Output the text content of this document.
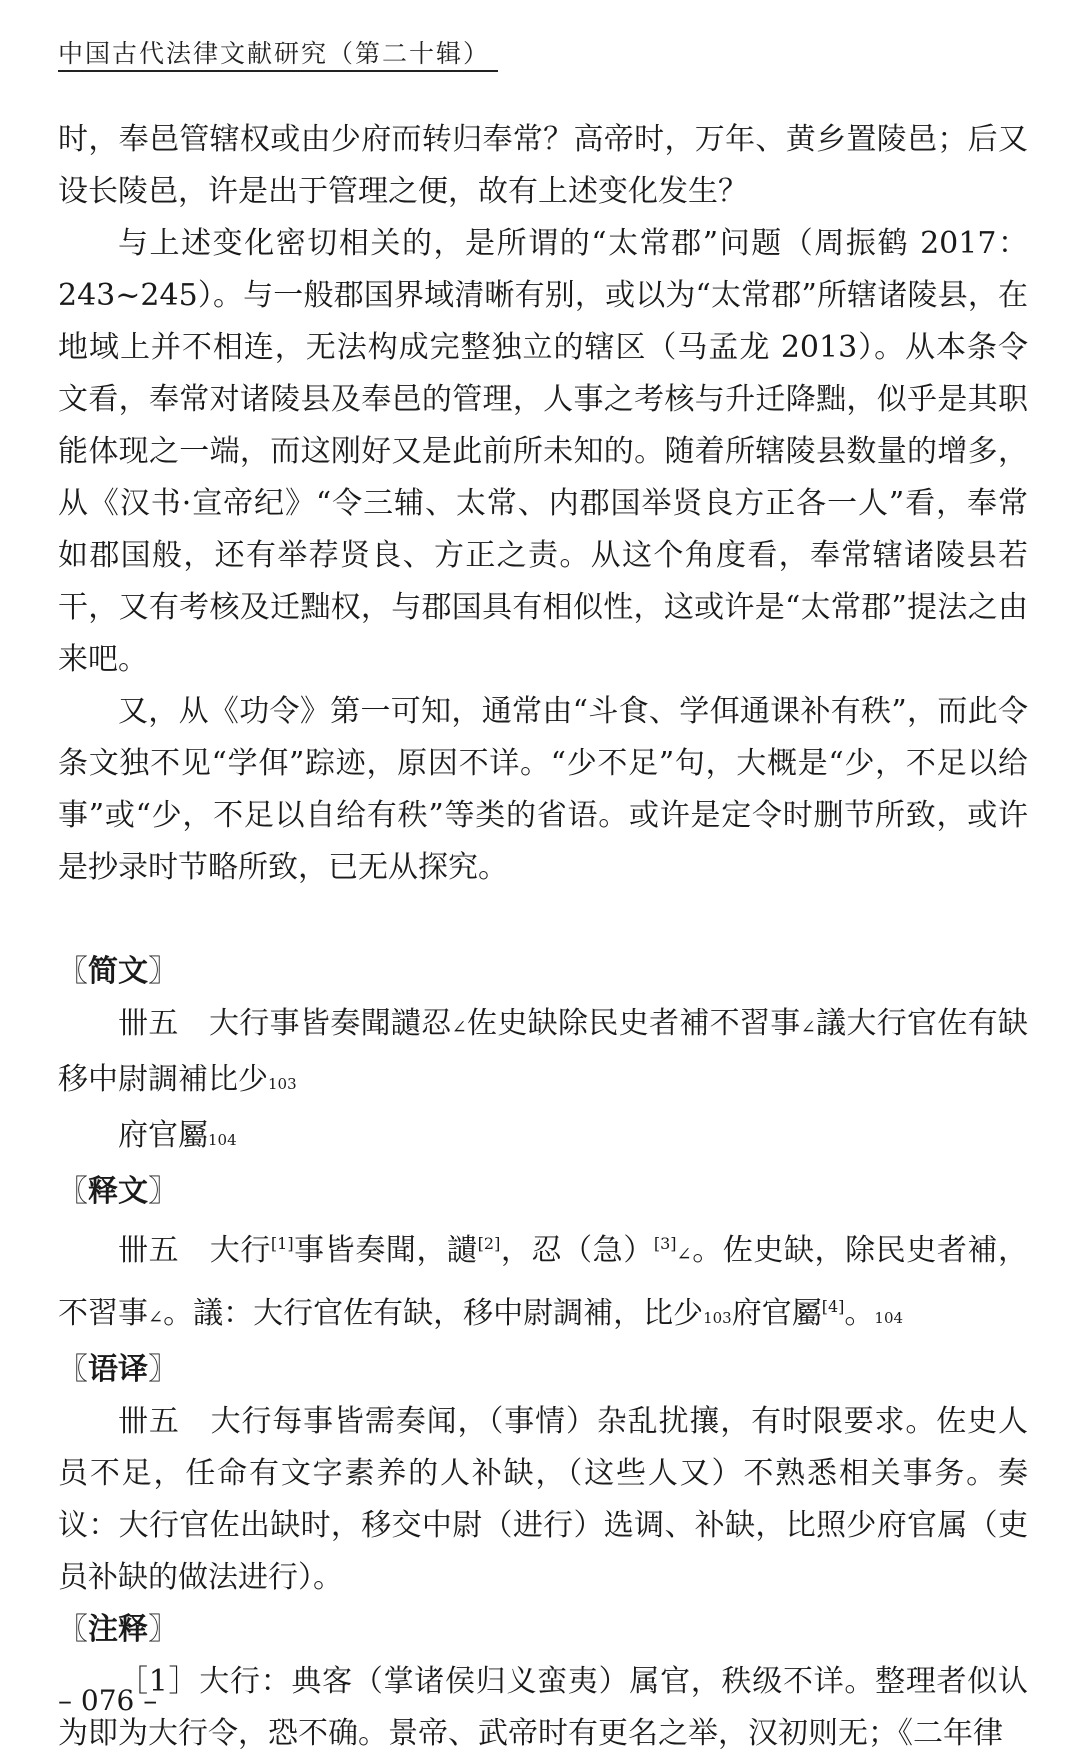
中国古代法律文献研究（第二十辑）

时，奉邑管辖权或由少府而转归奉常？高帝时，万年、黄乡置陵邑；后又设长陵邑，许是出于管理之便，故有上述变化发生？

与上述变化密切相关的，是所谓的“太常郡”问题（周振鹤 2017：243~245）。与一般郡国界域清晰有别，或以为“太常郡”所辖诸陵县，在地域上并不相连，无法构成完整独立的辖区（马孟龙 2013）。从本条令文看，奉常对诸陵县及奉邑的管理，人事之考核与升迁降黜，似乎是其职能体现之一端，而这刚好又是此前所未知的。随着所辖陵县数量的增多，从《汉书·宣帝纪》“令三辅、太常、内郡国举贤良方正各一人”看，奉常如郡国般，还有举荐贤良、方正之责。从这个角度看，奉常辖诸陵县若干，又有考核及迁黜权，与郡国具有相似性，这或许是“太常郡”提法之由来吧。

又，从《功令》第一可知，通常由“斗食、学佴通课补有秩”，而此令条文独不见“学佴”踪迹，原因不详。“少不足”句，大概是“少，不足以给事”或“少，不足以自给有秩”等类的省语。或许是定令时删节所致，或许是抄录时节略所致，已无从探究。

〖简文〗

卌五　大行事皆奏聞讉忍∠佐史缺除民史者補不習事∠議大行官佐有缺移中尉調補比少103

府官屬104

〖释文〗

卌五　大行[1]事皆奏聞，讉[2]，忍（急）[3]∠。佐史缺，除民史者補，不習事∠。議：大行官佐有缺，移中尉調補，比少103府官屬[4]。104

〖语译〗

卌五　大行每事皆需奏闻，（事情）杂乱扰攘，有时限要求。佐史人员不足，任命有文字素养的人补缺，（这些人又）不熟悉相关事务。奏议：大行官佐出缺时，移交中尉（进行）选调、补缺，比照少府官属（吏员补缺的做法进行）。

〖注释〗

［1］大行：典客（掌诸侯归义蛮夷）属官，秩级不详。整理者似认为即为大行令，恐不确。景帝、武帝时有更名之举，汉初则无；《二年律

– 076 –
